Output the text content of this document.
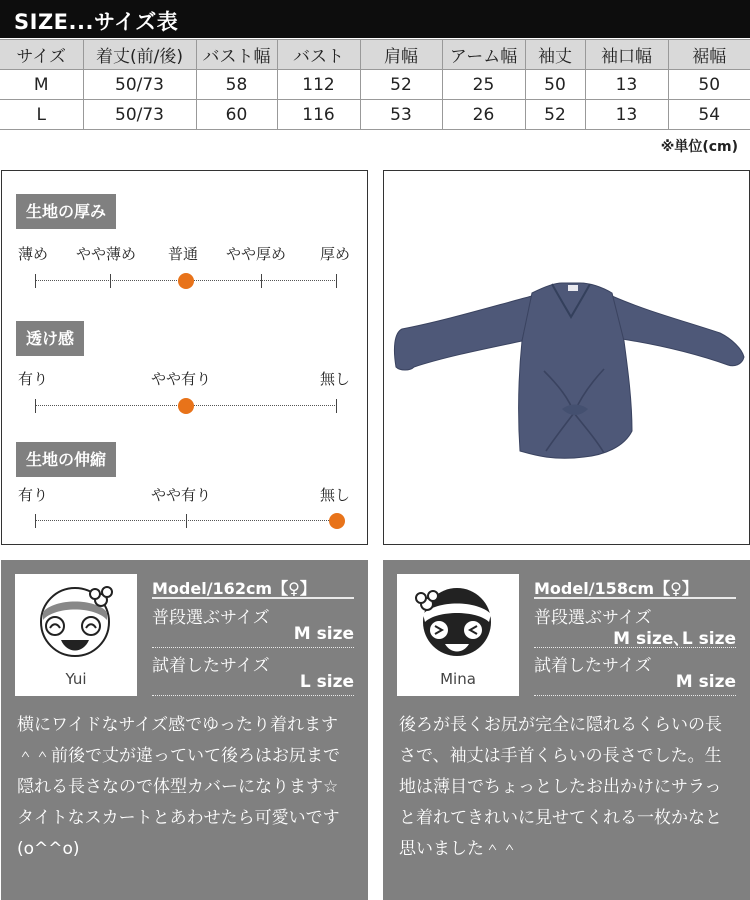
SIZE...サイズ表
サイズ	着丈(前/後)	バスト幅	バスト	肩幅	アーム幅	袖丈	袖口幅	裾幅
M	50/73	58	112	52	25	50	13	50
L	50/73	60	116	53	26	52	13	54
※単位(cm)
生地の厚み
薄め やや薄め 普通 やや厚め 厚め
透け感
有り	やや有り	無し
生地の伸縮
有り	やや有り	無し
Yui
Model/162cm【♀】
普段選ぶサイズ
M size
試着したサイズ
L size
横にワイドなサイズ感でゆったり着れます＾＾前後で丈が違っていて後ろはお尻まで隠れる長さなので体型カバーになります☆タイトなスカートとあわせたら可愛いです(o^^o)
Mina
Model/158cm【♀】
普段選ぶサイズ
M size､L size
試着したサイズ
M size
後ろが長くお尻が完全に隠れるくらいの長さで、袖丈は手首くらいの長さでした。生地は薄目でちょっとしたお出かけにサラっと着れてきれいに見せてくれる一枚かなと思いました＾＾
